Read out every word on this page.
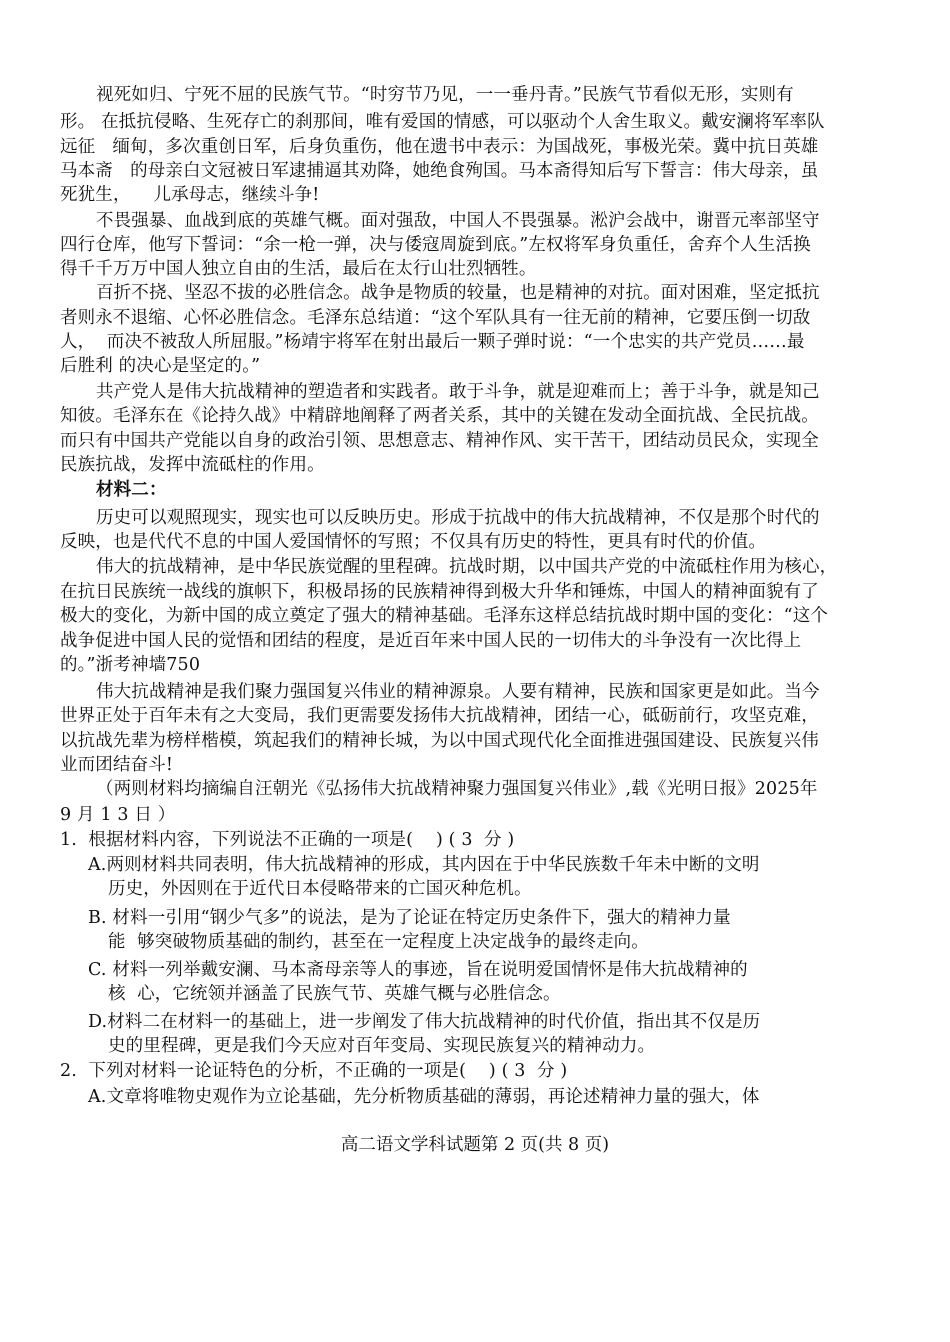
视死如归、宁死不屈的民族气节。“时穷节乃见，一一垂丹青。”民族气节看似无形，实则有
形。 在抵抗侵略、生死存亡的刹那间，唯有爱国的情感，可以驱动个人舍生取义。戴安澜将军率队
远征   缅甸，多次重创日军，后身负重伤，他在遗书中表示：为国战死，事极光荣。冀中抗日英雄
马本斋   的母亲白文冠被日军逮捕逼其劝降，她绝食殉国。马本斋得知后写下誓言：伟大母亲，虽
死犹生，    儿承母志，继续斗争!
不畏强暴、血战到底的英雄气概。面对强敌，中国人不畏强暴。淞沪会战中，谢晋元率部坚守
四行仓库，他写下誓词：“余一枪一弹，决与倭寇周旋到底。”左权将军身负重任，舍弃个人生活换
得千千万万中国人独立自由的生活，最后在太行山壮烈牺牲。
百折不挠、坚忍不拔的必胜信念。战争是物质的较量，也是精神的对抗。面对困难，坚定抵抗
者则永不退缩、心怀必胜信念。毛泽东总结道：“这个军队具有一往无前的精神，它要压倒一切敌
人，  而决不被敌人所屈服。”杨靖宇将军在射出最后一颗子弹时说：“一个忠实的共产党员……最
后胜利 的决心是坚定的。”
共产党人是伟大抗战精神的塑造者和实践者。敢于斗争，就是迎难而上；善于斗争，就是知己
知彼。毛泽东在《论持久战》中精辟地阐释了两者关系，其中的关键在发动全面抗战、全民抗战。
而只有中国共产党能以自身的政治引领、思想意志、精神作风、实干苦干，团结动员民众，实现全
民族抗战，发挥中流砥柱的作用。
材料二：
历史可以观照现实，现实也可以反映历史。形成于抗战中的伟大抗战精神，不仅是那个时代的
反映，也是代代不息的中国人爱国情怀的写照；不仅具有历史的特性，更具有时代的价值。
伟大的抗战精神，是中华民族觉醒的里程碑。抗战时期，以中国共产党的中流砥柱作用为核心，
在抗日民族统一战线的旗帜下，积极昂扬的民族精神得到极大升华和锤炼，中国人的精神面貌有了
极大的变化，为新中国的成立奠定了强大的精神基础。毛泽东这样总结抗战时期中国的变化：“这个
战争促进中国人民的觉悟和团结的程度，是近百年来中国人民的一切伟大的斗争没有一次比得上
的。”浙考神墙750
伟大抗战精神是我们聚力强国复兴伟业的精神源泉。人要有精神，民族和国家更是如此。当今
世界正处于百年未有之大变局，我们更需要发扬伟大抗战精神，团结一心，砥砺前行，攻坚克难，
以抗战先辈为榜样楷模，筑起我们的精神长城，为以中国式现代化全面推进强国建设、民族复兴伟
业而团结奋斗!
（两则材料均摘编自汪朝光《弘扬伟大抗战精神聚力强国复兴伟业》,载《光明日报》2025年
9 月 1 3 日 ）
1.  根据材料内容，下列说法不正确的一项是(    ) ( 3  分 )
A.两则材料共同表明，伟大抗战精神的形成，其内因在于中华民族数千年未中断的文明
历史，外因则在于近代日本侵略带来的亡国灭种危机。
B. 材料一引用“钢少气多”的说法，是为了论证在特定历史条件下，强大的精神力量
能  够突破物质基础的制约，甚至在一定程度上决定战争的最终走向。
C. 材料一列举戴安澜、马本斋母亲等人的事迹，旨在说明爱国情怀是伟大抗战精神的
核  心，它统领并涵盖了民族气节、英雄气概与必胜信念。
D.材料二在材料一的基础上，进一步阐发了伟大抗战精神的时代价值，指出其不仅是历
史的里程碑，更是我们今天应对百年变局、实现民族复兴的精神动力。
2.  下列对材料一论证特色的分析，不正确的一项是(    ) ( 3  分 )
A.文章将唯物史观作为立论基础，先分析物质基础的薄弱，再论述精神力量的强大，体
高二语文学科试题第 2 页(共 8 页)
